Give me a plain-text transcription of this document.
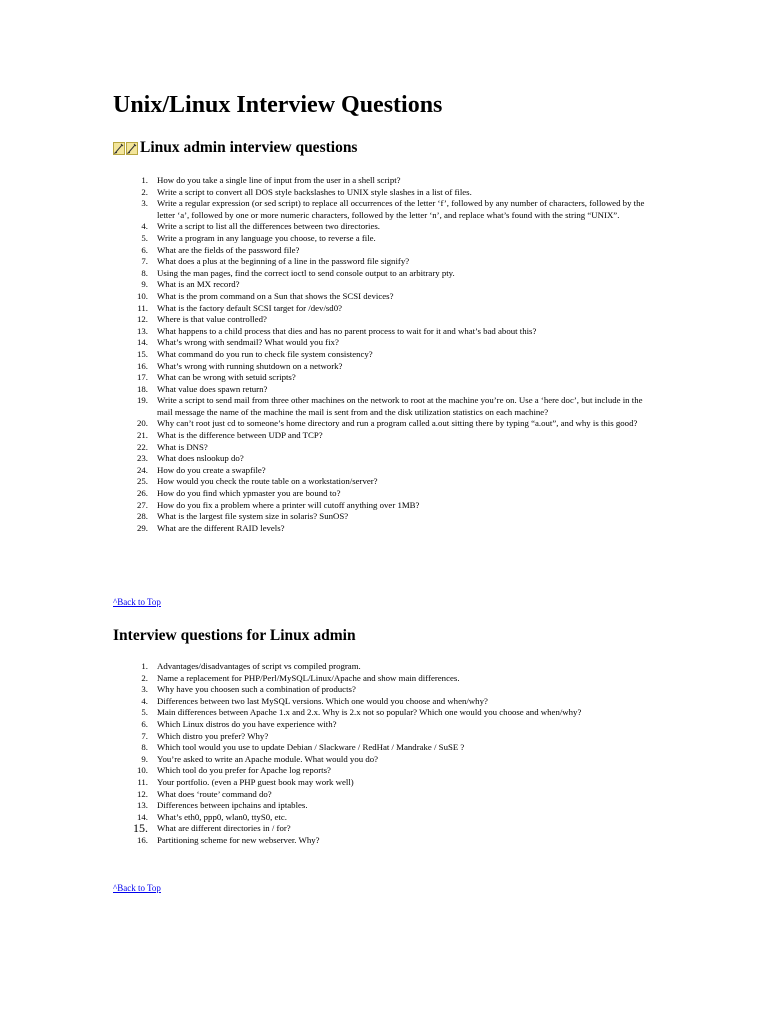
Unix/Linux Interview Questions
Linux admin interview questions
1. How do you take a single line of input from the user in a shell script?
2. Write a script to convert all DOS style backslashes to UNIX style slashes in a list of files.
3. Write a regular expression (or sed script) to replace all occurrences of the letter ‘f’, followed by any number of characters, followed by the letter ‘a’, followed by one or more numeric characters, followed by the letter ‘n’, and replace what’s found with the string “UNIX”.
4. Write a script to list all the differences between two directories.
5. Write a program in any language you choose, to reverse a file.
6. What are the fields of the password file?
7. What does a plus at the beginning of a line in the password file signify?
8. Using the man pages, find the correct ioctl to send console output to an arbitrary pty.
9. What is an MX record?
10. What is the prom command on a Sun that shows the SCSI devices?
11. What is the factory default SCSI target for /dev/sd0?
12. Where is that value controlled?
13. What happens to a child process that dies and has no parent process to wait for it and what’s bad about this?
14. What’s wrong with sendmail? What would you fix?
15. What command do you run to check file system consistency?
16. What’s wrong with running shutdown on a network?
17. What can be wrong with setuid scripts?
18. What value does spawn return?
19. Write a script to send mail from three other machines on the network to root at the machine you’re on. Use a ‘here doc’, but include in the mail message the name of the machine the mail is sent from and the disk utilization statistics on each machine?
20. Why can’t root just cd to someone’s home directory and run a program called a.out sitting there by typing “a.out”, and why is this good?
21. What is the difference between UDP and TCP?
22. What is DNS?
23. What does nslookup do?
24. How do you create a swapfile?
25. How would you check the route table on a workstation/server?
26. How do you find which ypmaster you are bound to?
27. How do you fix a problem where a printer will cutoff anything over 1MB?
28. What is the largest file system size in solaris? SunOS?
29. What are the different RAID levels?
^Back to Top
Interview questions for Linux admin
1. Advantages/disadvantages of script vs compiled program.
2. Name a replacement for PHP/Perl/MySQL/Linux/Apache and show main differences.
3. Why have you choosen such a combination of products?
4. Differences between two last MySQL versions. Which one would you choose and when/why?
5. Main differences between Apache 1.x and 2.x. Why is 2.x not so popular? Which one would you choose and when/why?
6. Which Linux distros do you have experience with?
7. Which distro you prefer? Why?
8. Which tool would you use to update Debian / Slackware / RedHat / Mandrake / SuSE ?
9. You’re asked to write an Apache module. What would you do?
10. Which tool do you prefer for Apache log reports?
11. Your portfolio. (even a PHP guest book may work well)
12. What does ‘route’ command do?
13. Differences between ipchains and iptables.
14. What’s eth0, ppp0, wlan0, ttyS0, etc.
15. What are different directories in / for?
16. Partitioning scheme for new webserver. Why?
^Back to Top
